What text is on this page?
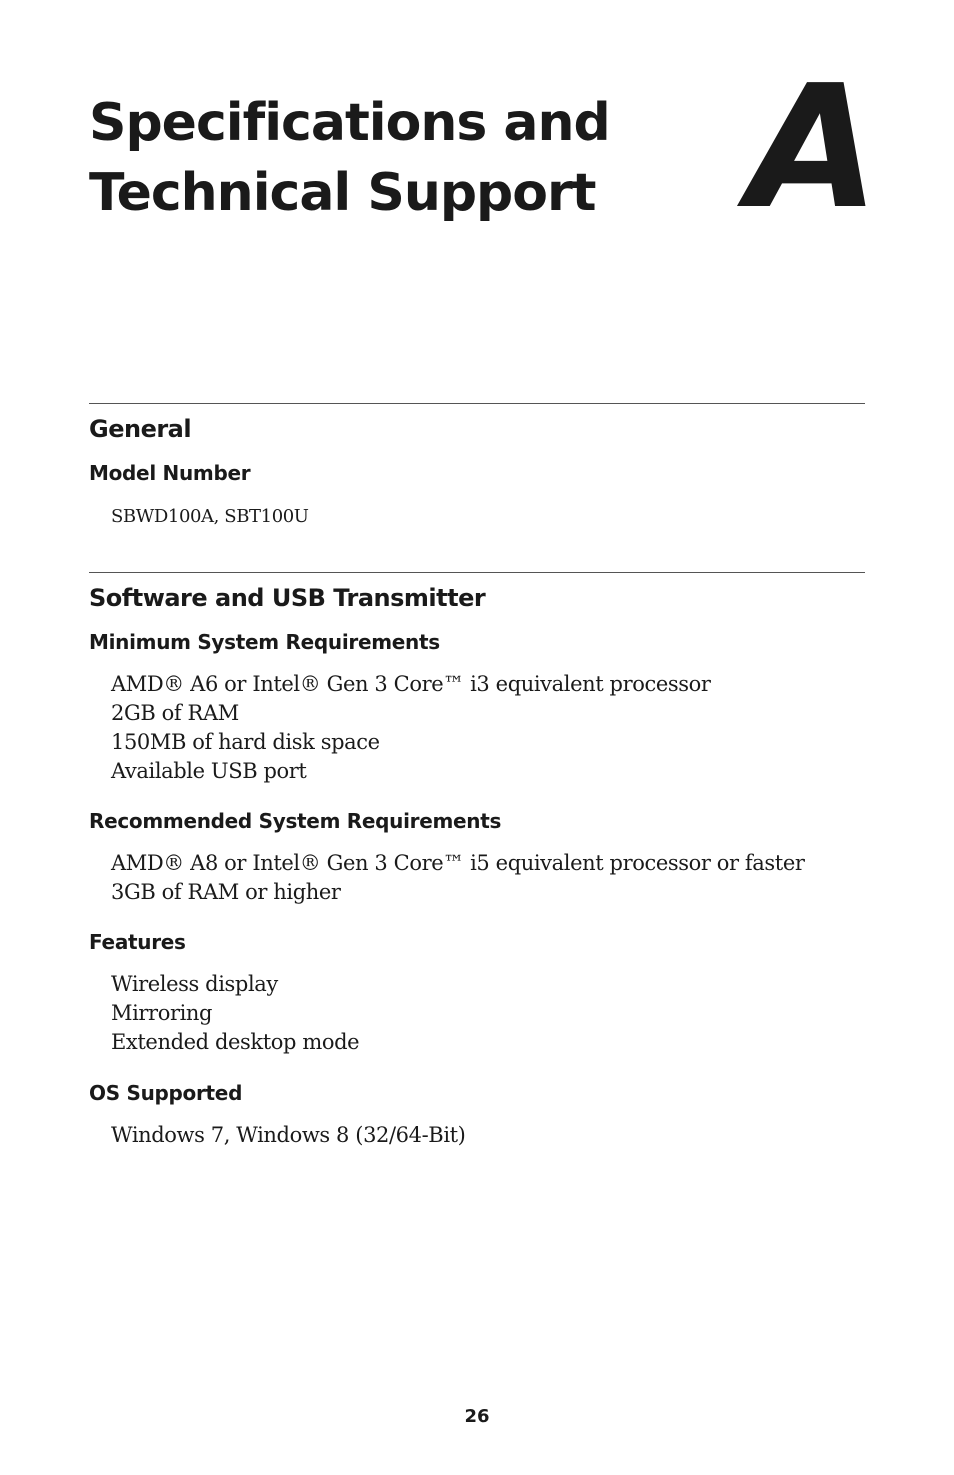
Specifications and
Technical Support A
General
Model Number
SBWD100A, SBT100U
Software and USB Transmitter
Minimum System Requirements
AMD® A6 or Intel® Gen 3 Core™ i3 equivalent processor
2GB of RAM
150MB of hard disk space
Available USB port
Recommended System Requirements
AMD® A8 or Intel® Gen 3 Core™ i5 equivalent processor or faster
3GB of RAM or higher
Features
Wireless display
Mirroring
Extended desktop mode
OS Supported
Windows 7, Windows 8 (32/64-Bit)
26
